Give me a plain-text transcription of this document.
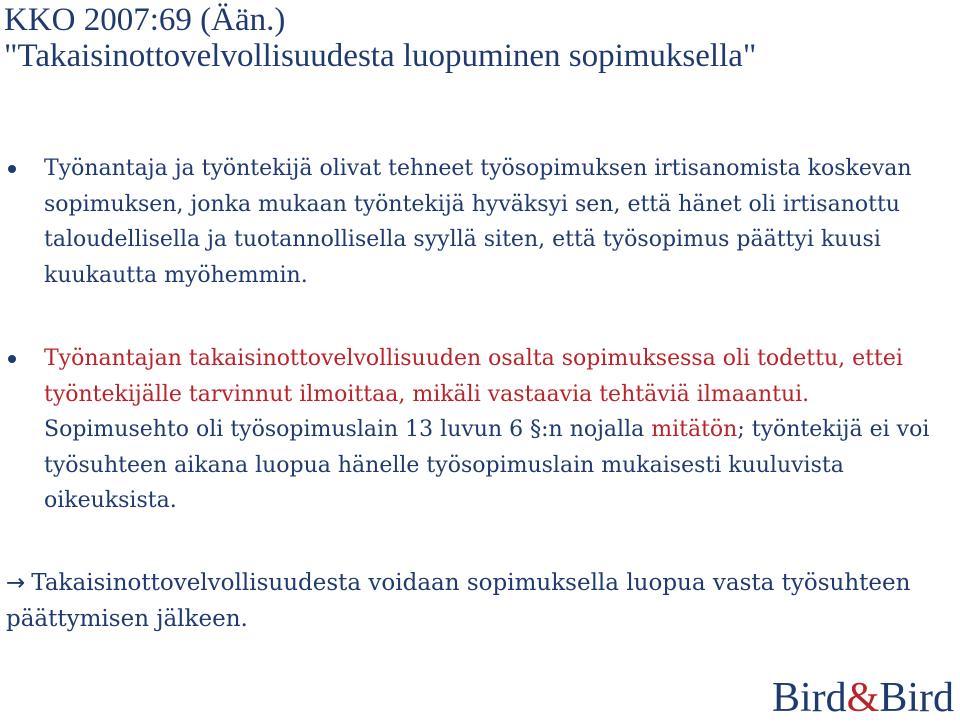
KKO 2007:69 (Ään.)
"Takaisinottovelvollisuudesta luopuminen sopimuksella"
Työnantaja ja työntekijä olivat tehneet työsopimuksen irtisanomista koskevan sopimuksen, jonka mukaan työntekijä hyväksyi sen, että hänet oli irtisanottu taloudellisella ja tuotannollisella syyllä siten, että työsopimus päättyi kuusi kuukautta myöhemmin.
Työnantajan takaisinottovelvollisuuden osalta sopimuksessa oli todettu, ettei työntekijälle tarvinnut ilmoittaa, mikäli vastaavia tehtäviä ilmaantui. Sopimusehto oli työsopimuslain 13 luvun 6 §:n nojalla mitätön; työntekijä ei voi työsuhteen aikana luopua hänelle työsopimuslain mukaisesti kuuluvista oikeuksista.
→ Takaisinottovelvollisuudesta voidaan sopimuksella luopua vasta työsuhteen päättymisen jälkeen.
Bird&Bird
